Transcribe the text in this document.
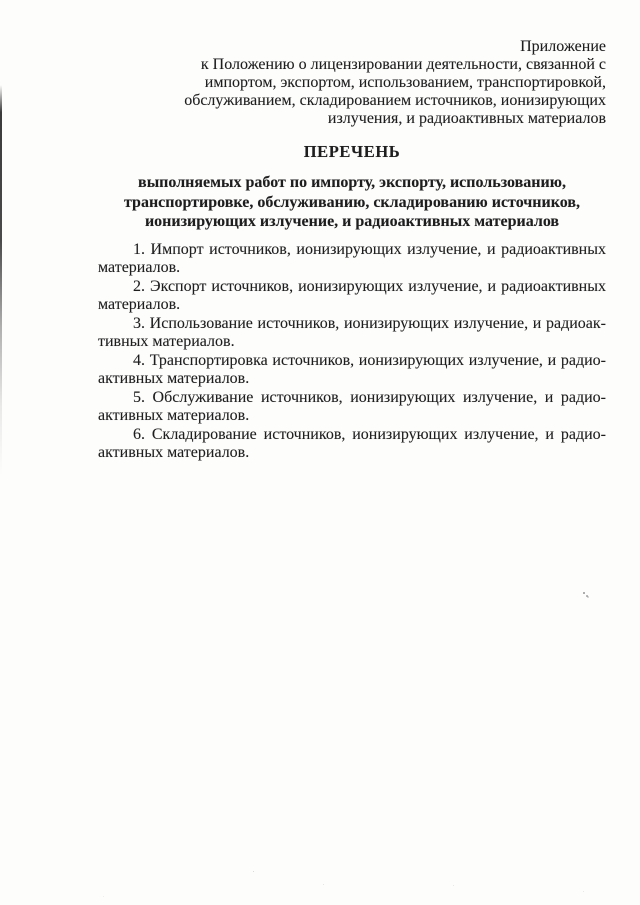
Приложение
к Положению о лицензировании деятельности, связанной с
импортом, экспортом, использованием, транспортировкой,
обслуживанием, складированием источников, ионизирующих
излучения, и радиоактивных материалов
ПЕРЕЧЕНЬ
выполняемых работ по импорту, экспорту, использованию,
транспортировке, обслуживанию, складированию источников,
ионизирующих излучение, и радиоактивных материалов
1. Импорт источников, ионизирующих излучение, и радиоактивных
материалов.
2. Экспорт источников, ионизирующих излучение, и радиоактивных
материалов.
3. Использование источников, ионизирующих излучение, и радиоак-
тивных материалов.
4. Транспортировка источников, ионизирующих излучение, и радио-
активных материалов.
5. Обслуживание источников, ионизирующих излучение, и радио-
активных материалов.
6. Складирование источников, ионизирующих излучение, и радио-
активных материалов.
